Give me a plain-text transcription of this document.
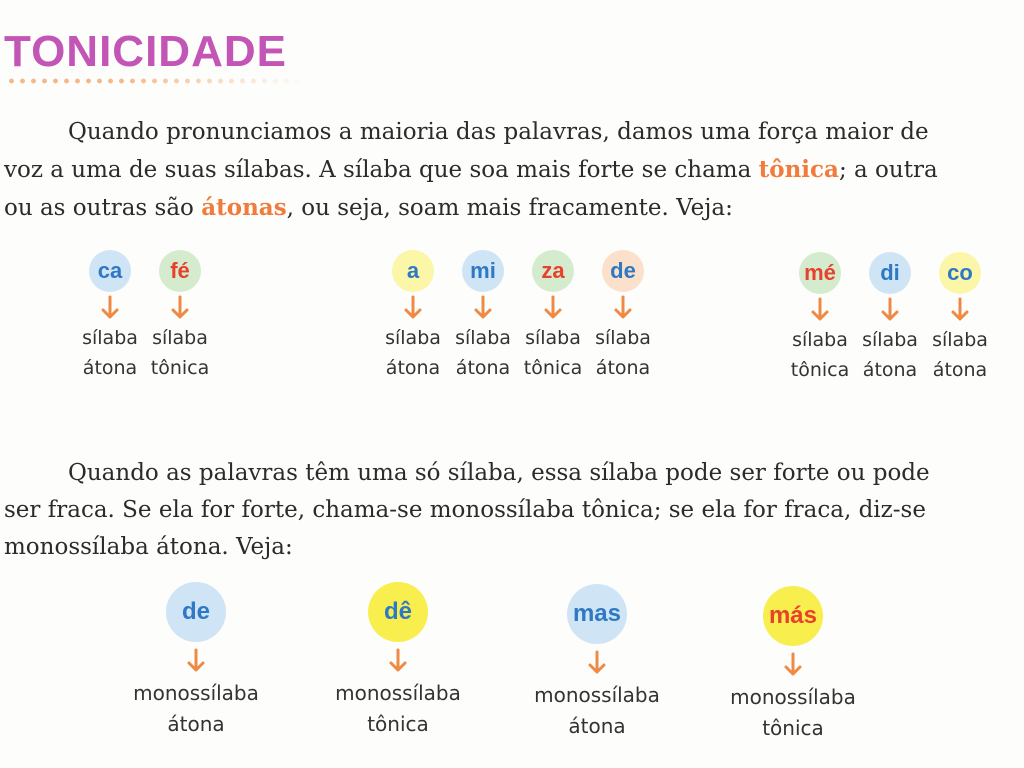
TONICIDADE

Quando pronunciamos a maioria das palavras, damos uma força maior de
voz a uma de suas sílabas. A sílaba que soa mais forte se chama tônica; a outra
ou as outras são átonas, ou seja, soam mais fracamente. Veja:

ca
sílaba
átona
fé
sílaba
tônica
a
sílaba
átona
mi
sílaba
átona
za
sílaba
tônica
de
sílaba
átona
mé
sílaba
tônica
di
sílaba
átona
co
sílaba
átona

Quando as palavras têm uma só sílaba, essa sílaba pode ser forte ou pode
ser fraca. Se ela for forte, chama-se monossílaba tônica; se ela for fraca, diz-se
monossílaba átona. Veja:

de
monossílaba
átona
dê
monossílaba
tônica
mas
monossílaba
átona
más
monossílaba
tônica
